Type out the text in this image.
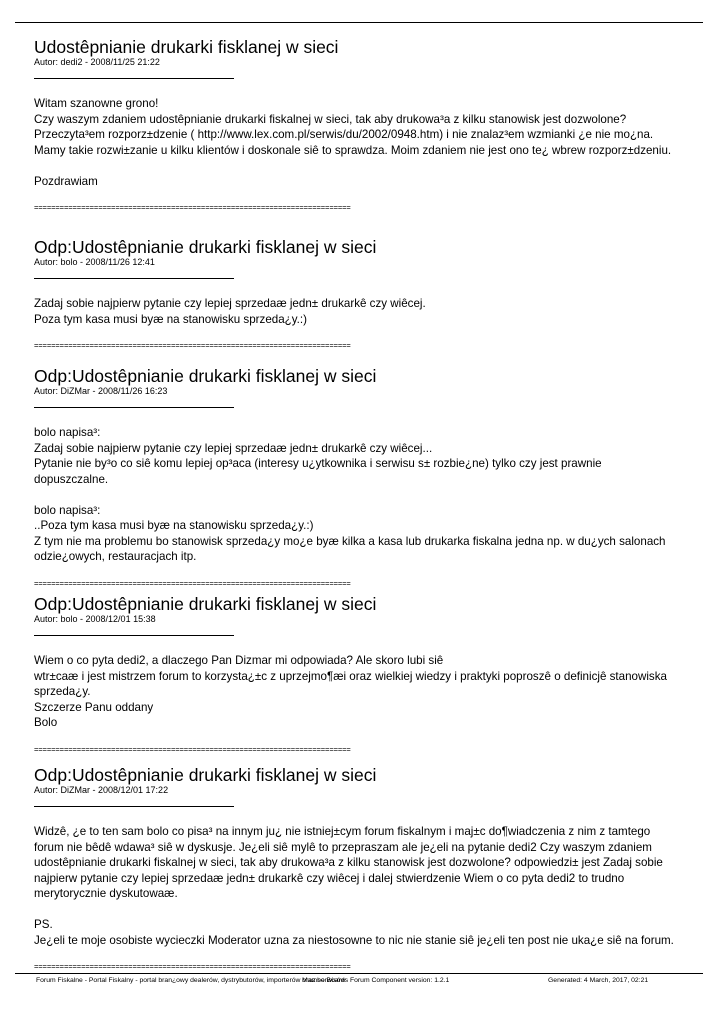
Udostêpnianie drukarki fisklanej w sieci
Autor: dedi2 - 2008/11/25 21:22

Witam szanowne grono!

Czy waszym zdaniem udostêpnianie drukarki fiskalnej w sieci, tak aby drukowa³a z kilku stanowisk jest dozwolone? Przeczyta³em rozporz±dzenie ( http://www.lex.com.pl/serwis/du/2002/0948.htm) i nie znalaz³em wzmianki ¿e nie mo¿na. Mamy takie rozwi±zanie u kilku klientów i doskonale siê to sprawdza. Moim zdaniem nie jest ono te¿ wbrew rozporz±dzeniu.

Pozdrawiam

==========================================================================
Odp:Udostêpnianie drukarki fisklanej w sieci
Autor: bolo - 2008/11/26 12:41

Zadaj sobie najpierw pytanie czy lepiej sprzedaæ jedn± drukarkê czy wiêcej.

Poza tym kasa musi byæ na stanowisku sprzeda¿y.:)

==========================================================================
Odp:Udostêpnianie drukarki fisklanej w sieci
Autor: DiZMar - 2008/11/26 16:23

bolo napisa³:

Zadaj sobie najpierw pytanie czy lepiej sprzedaæ jedn± drukarkê czy wiêcej...

Pytanie nie by³o co siê komu lepiej op³aca (interesy u¿ytkownika i serwisu s± rozbie¿ne) tylko czy jest prawnie dopuszczalne.

bolo napisa³:

..Poza tym kasa musi byæ na stanowisku sprzeda¿y.:)

Z tym nie ma problemu bo stanowisk sprzeda¿y mo¿e byæ kilka a kasa lub drukarka fiskalna jedna np. w du¿ych salonach odzie¿owych, restauracjach itp.

==========================================================================
Odp:Udostêpnianie drukarki fisklanej w sieci
Autor: bolo - 2008/12/01 15:38

Wiem o co pyta dedi2, a dlaczego Pan Dizmar mi odpowiada? Ale skoro lubi siê

wtr±caæ i jest mistrzem forum to korzysta¿±c z uprzejmo¶æi oraz wielkiej wiedzy i praktyki poproszê o definicjê stanowiska sprzeda¿y.

Szczerze Panu oddany

Bolo

==========================================================================
Odp:Udostêpnianie drukarki fisklanej w sieci
Autor: DiZMar - 2008/12/01 17:22

Widzê, ¿e to ten sam bolo co pisa³ na innym ju¿ nie istniej±cym forum fiskalnym i maj±c do¶wiadczenia z nim z tamtego forum nie bêdê wdawa³ siê w dyskusje. Je¿eli siê mylê to przepraszam ale je¿eli na pytanie dedi2 Czy waszym zdaniem udostêpnianie drukarki fiskalnej w sieci, tak aby drukowa³a z kilku stanowisk jest dozwolone? odpowiedzi± jest Zadaj sobie najpierw pytanie czy lepiej sprzedaæ jedn± drukarkê czy wiêcej i dalej stwierdzenie Wiem o co pyta dedi2 to trudno merytorycznie dyskutowaæ.

PS.

Je¿eli te moje osobiste wycieczki Moderator uzna za niestosowne to nic nie stanie siê je¿eli ten post nie uka¿e siê na forum.

==========================================================================
Forum Fiskalne - Portal Fiskalny - portal bran¿owy dealerów, dystrybutorów, importerów oraz serwisów
Mambo Boards Forum Component version: 1.2.1	Generated: 4 March, 2017, 02:21
